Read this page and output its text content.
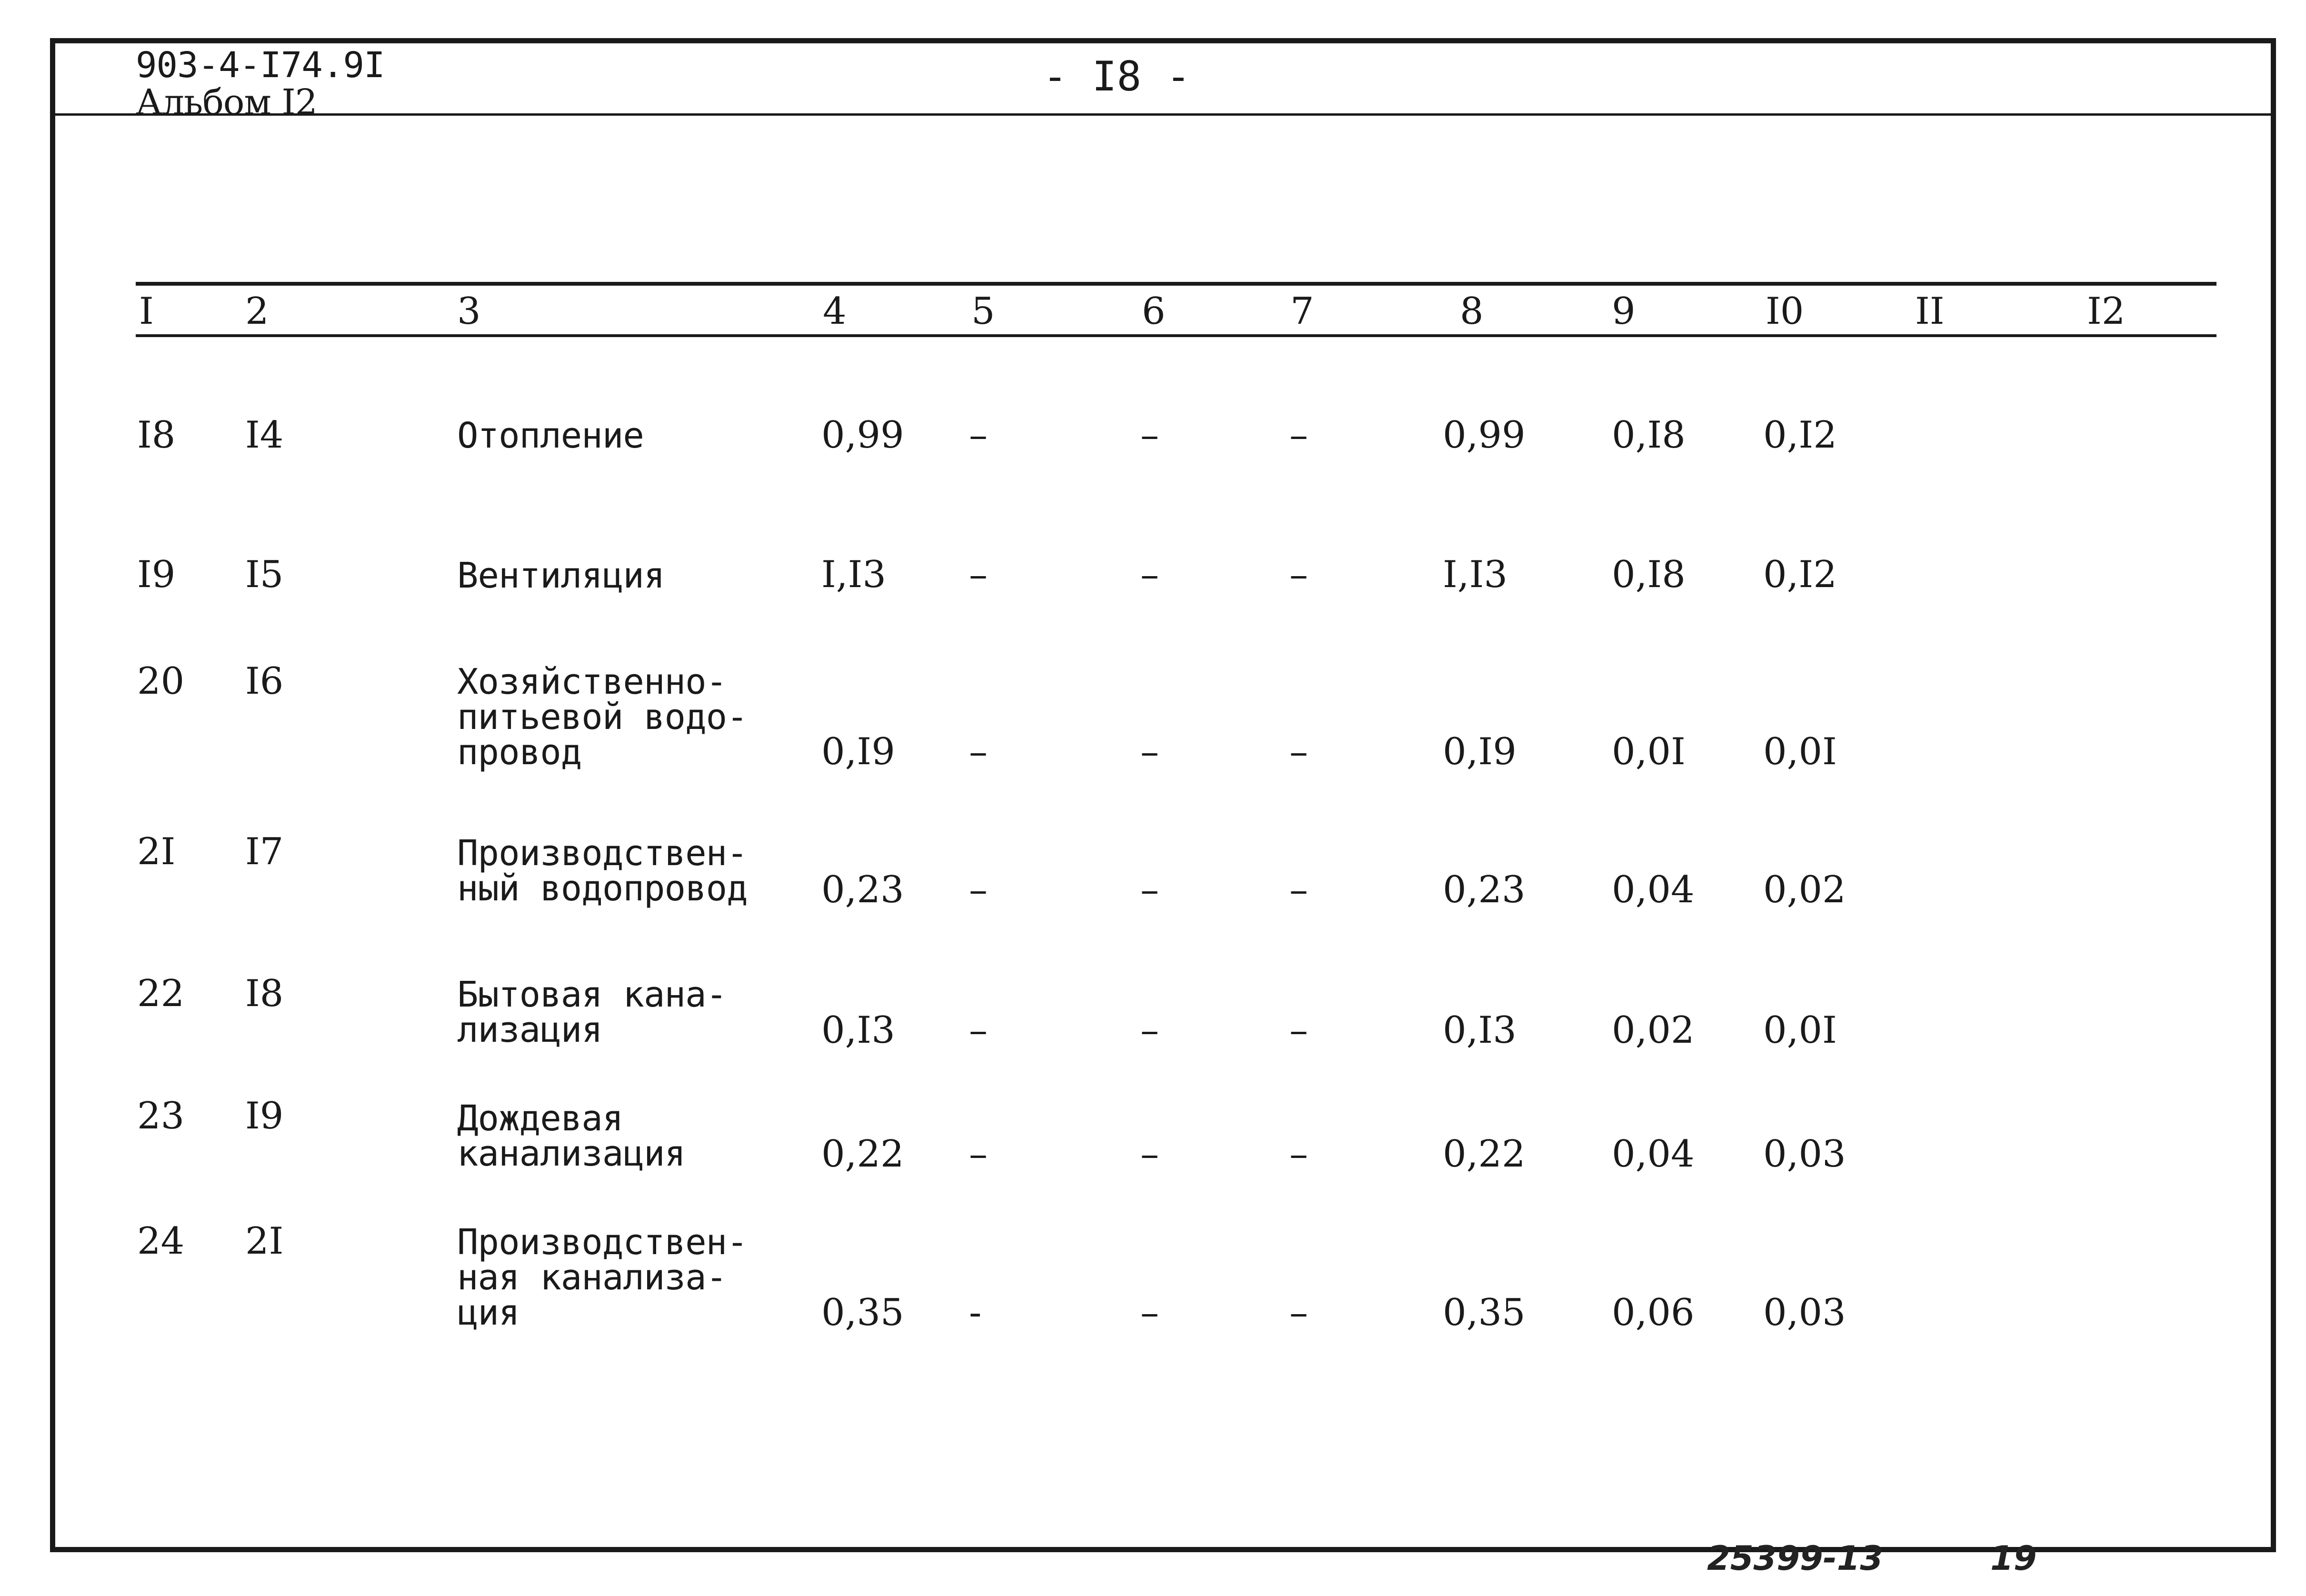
903-4-I74.9I
Альбом I2
- I8 -
I 2	3	4	5	6	7	8	9	I0	II	I2
I8 I4	Отопление	0,99 –	–	–	0,99 0,I8 0,I2
I9 I5	Вентиляция	I,I3 –	–	–	I,I3	0,I8 0,I2
20 I6	Хозяйственно-
питьевой водо-
провод	0,I9 –	–	–	0,I9	0,0I 0,0I
2I I7	Производствен-
ный водопровод 0,23 –	–	–	0,23 0,04 0,02
22 I8	Бытовая кана-
лизация	0,I3 –	–	–	0,I3	0,02 0,0I
23 I9	Дождевая
канализация	0,22 –	–	–	0,22 0,04 0,03
24 2I	Производствен-
ная канализа-
ция	0,35 -	–	–	0,35 0,06 0,03
25399-13	19
